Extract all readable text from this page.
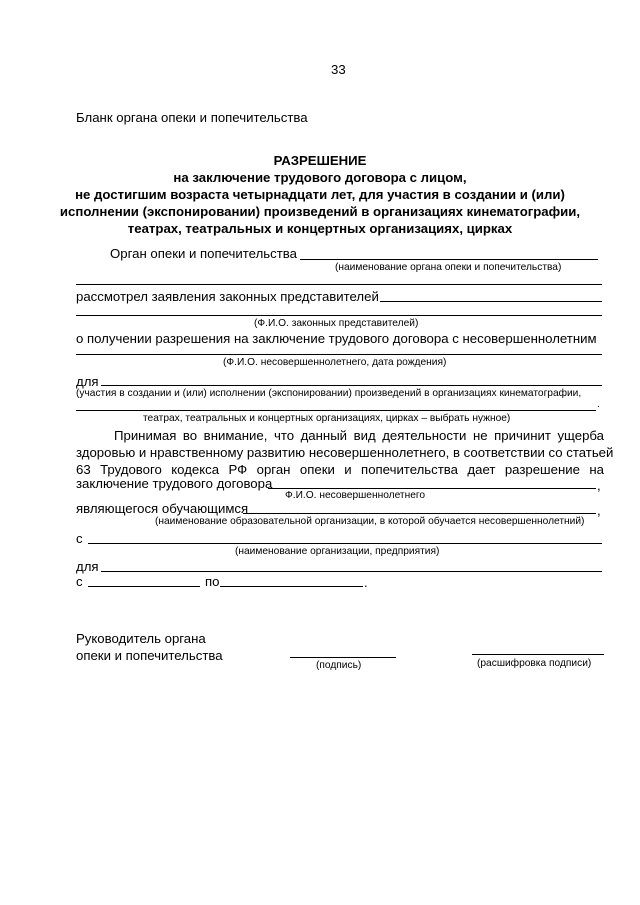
33
Бланк органа опеки и попечительства
РАЗРЕШЕНИЕ
на заключение трудового договора с лицом,
не достигшим возраста четырнадцати лет, для участия в создании и (или)
исполнении (экспонировании) произведений в организациях кинематографии,
театрах, театральных и концертных организациях, цирках
Орган опеки и попечительства
(наименование органа опеки и попечительства)
рассмотрел заявления законных представителей
(Ф.И.О. законных представителей)
о получении разрешения на заключение трудового договора с несовершеннолетним
(Ф.И.О. несовершеннолетнего, дата рождения)
для
(участия в создании и (или) исполнении (экспонировании) произведений в организациях кинематографии,
.
театрах, театральных и концертных организациях, цирках – выбрать нужное)
Принимая во внимание, что данный вид деятельности не причинит ущерба
здоровью и нравственному развитию несовершеннолетнего, в соответствии со статьей
63 Трудового кодекса РФ орган опеки и попечительства дает разрешение на
заключение трудового договора	,
Ф.И.О. несовершеннолетнего
являющегося обучающимся	,
(наименование образовательной организации, в которой обучается несовершеннолетний)
с
(наименование организации, предприятия)
для
с	по	.
Руководитель органа
опеки и попечительства
(подпись)	(расшифровка подписи)
